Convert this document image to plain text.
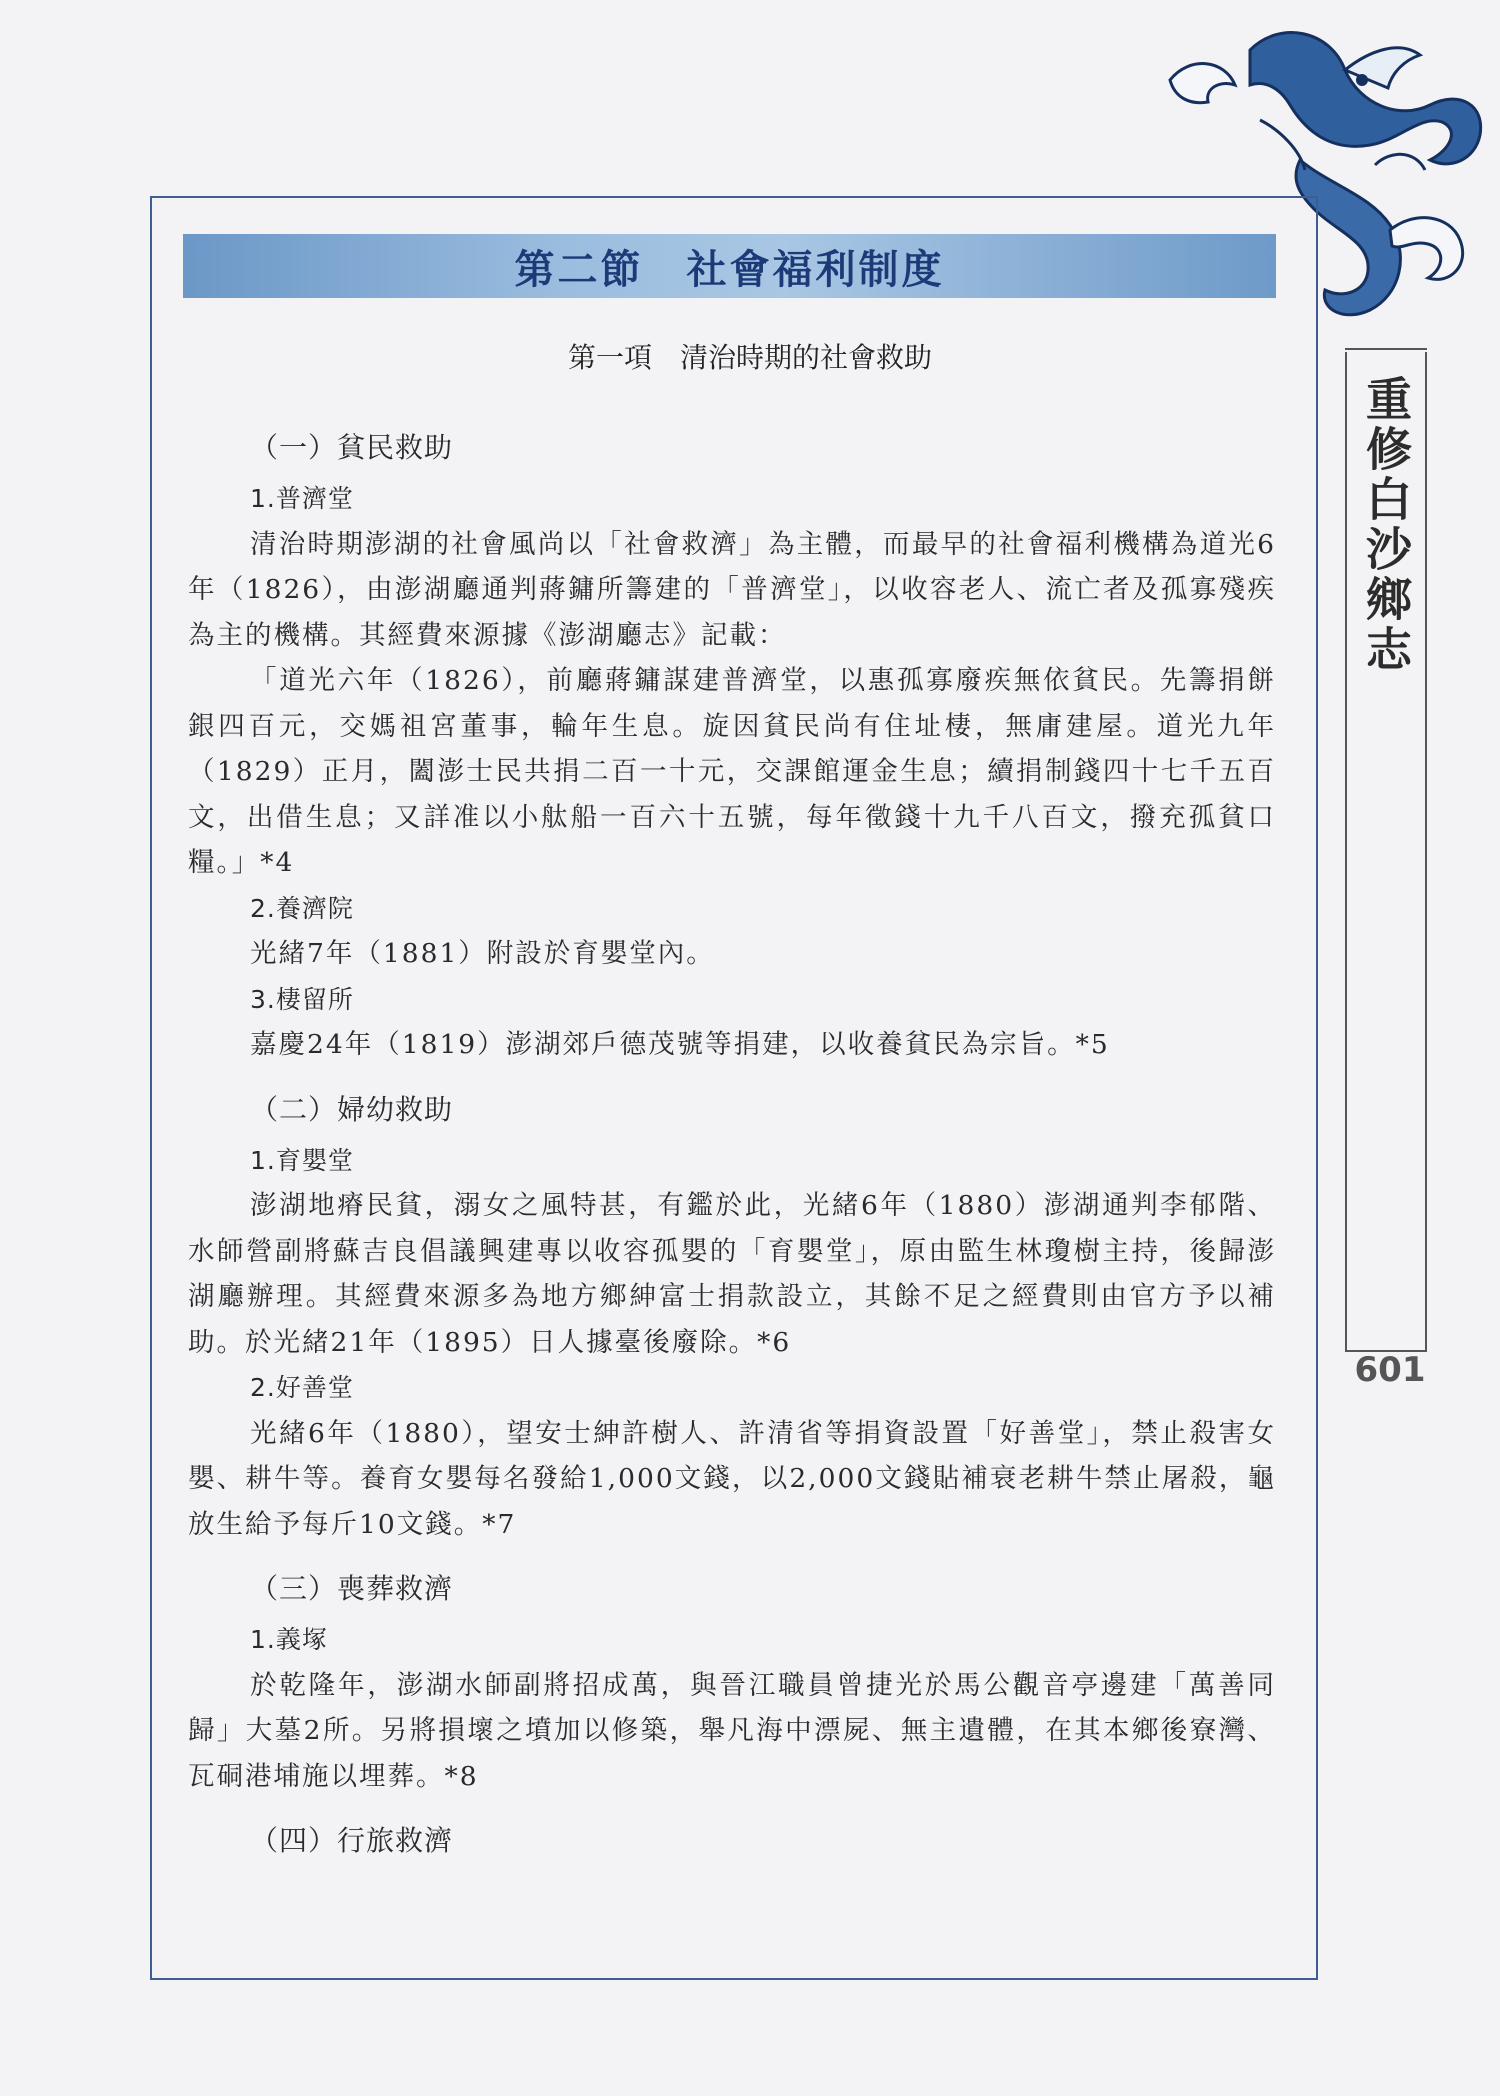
第二節　社會福利制度
第一項　清治時期的社會救助

（一）貧民救助

1.普濟堂

清治時期澎湖的社會風尚以「社會救濟」為主體，而最早的社會福利機構為道光6年（1826），由澎湖廳通判蔣鏞所籌建的「普濟堂」，以收容老人、流亡者及孤寡殘疾為主的機構。其經費來源據《澎湖廳志》記載：

「道光六年（1826），前廳蔣鏞謀建普濟堂，以惠孤寡廢疾無依貧民。先籌捐餅銀四百元，交媽祖宮董事，輪年生息。旋因貧民尚有住址棲，無庸建屋。道光九年（1829）正月，闔澎士民共捐二百一十元，交課館運金生息；續捐制錢四十七千五百文，出借生息；又詳准以小舦船一百六十五號，每年徵錢十九千八百文，撥充孤貧口糧。」*4

2.養濟院

光緒7年（1881）附設於育嬰堂內。

3.棲留所

嘉慶24年（1819）澎湖郊戶德茂號等捐建，以收養貧民為宗旨。*5

（二）婦幼救助

1.育嬰堂

澎湖地瘠民貧，溺女之風特甚，有鑑於此，光緒6年（1880）澎湖通判李郁階、水師營副將蘇吉良倡議興建專以收容孤嬰的「育嬰堂」，原由監生林瓊樹主持，後歸澎湖廳辦理。其經費來源多為地方鄉紳富士捐款設立，其餘不足之經費則由官方予以補助。於光緒21年（1895）日人據臺後廢除。*6

2.好善堂

光緒6年（1880），望安士紳許樹人、許清省等捐資設置「好善堂」，禁止殺害女嬰、耕牛等。養育女嬰每名發給1,000文錢，以2,000文錢貼補衰老耕牛禁止屠殺，龜　放生給予每斤10文錢。*7

（三）喪葬救濟

1.義塚

於乾隆年，澎湖水師副將招成萬，與晉江職員曾捷光於馬公觀音亭邊建「萬善同歸」大墓2所。另將損壞之墳加以修築，舉凡海中漂屍、無主遺體，在其本鄉後寮灣、瓦硐港埔施以埋葬。*8

（四）行旅救濟

重修白沙鄉志
601
